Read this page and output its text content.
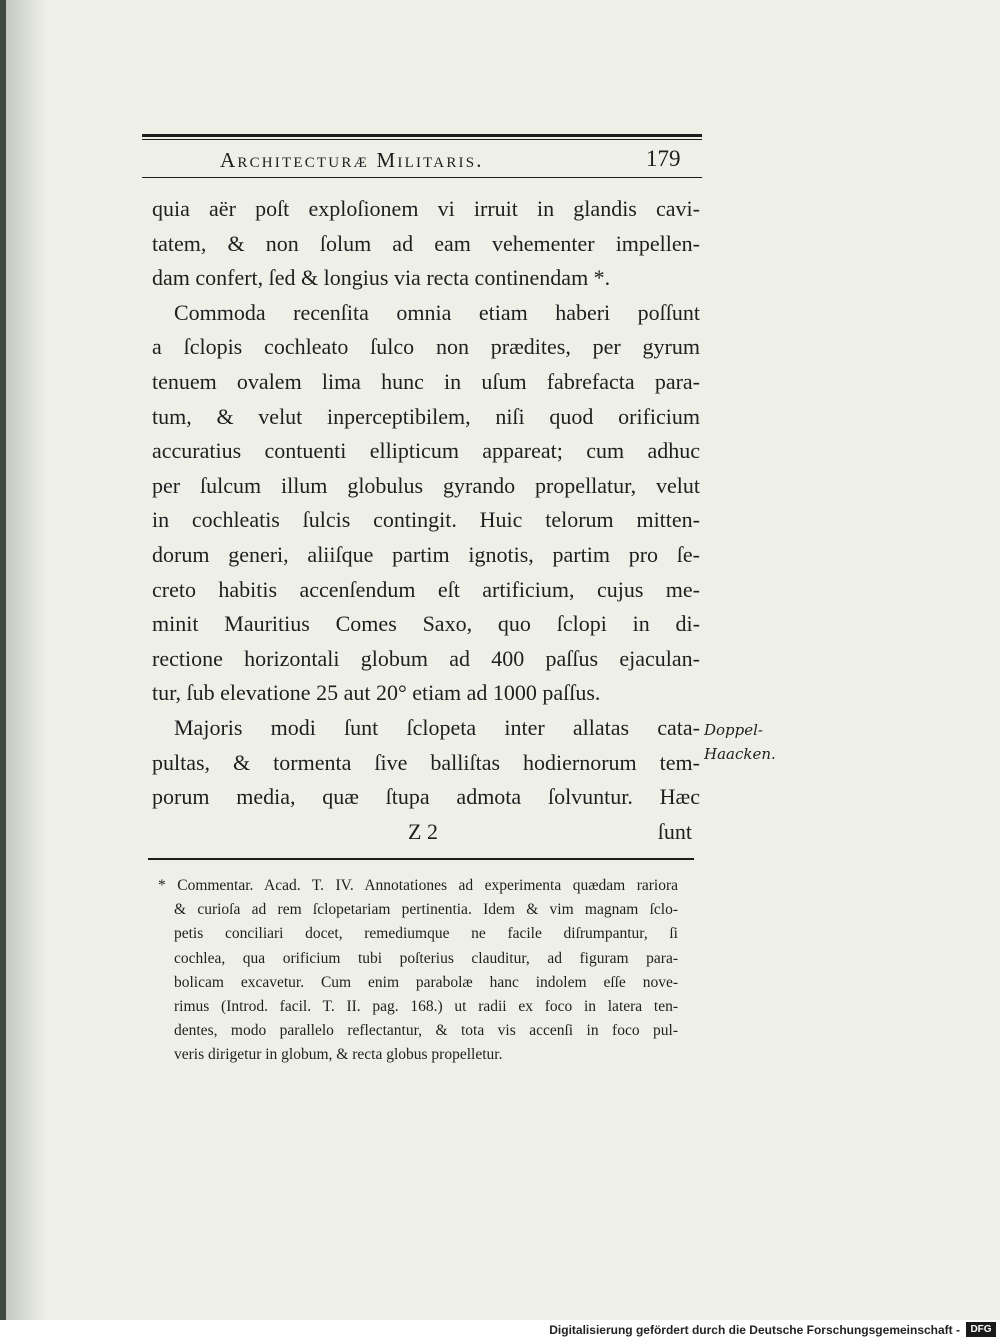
Architecturæ Militaris.	179
quia aër poſt exploſionem vi irruit in glandis cavi-
tatem, & non ſolum ad eam vehementer impellen-
dam confert, ſed & longius via recta continendam *.
Commoda recenſita omnia etiam haberi poſſunt
a ſclopis cochleato ſulco non prædites, per gyrum
tenuem ovalem lima hunc in uſum fabrefacta para-
tum, & velut inperceptibilem, niſi quod orificium
accuratius contuenti ellipticum appareat; cum adhuc
per ſulcum illum globulus gyrando propellatur, velut
in cochleatis ſulcis contingit. Huic telorum mitten-
dorum generi, aliiſque partim ignotis, partim pro ſe-
creto habitis accenſendum eſt artificium, cujus me-
minit Mauritius Comes Saxo, quo ſclopi in di-
rectione horizontali globum ad 400 paſſus ejaculan-
tur, ſub elevatione 25 aut 20° etiam ad 1000 paſſus.
Majoris modi ſunt ſclopeta inter allatas cata-
pultas, & tormenta ſive balliſtas hodiernorum tem-
porum media, quæ ſtupa admota ſolvuntur. Hæc
Z 2	ſunt
Doppel-
Haacken.
* Commentar. Acad. T. IV. Annotationes ad experimenta quædam rariora
& curioſa ad rem ſclopetariam pertinentia. Idem & vim magnam ſclo-
petis conciliari docet, remediumque ne facile diſrumpantur, ſi
cochlea, qua orificium tubi poſterius clauditur, ad figuram para-
bolicam excavetur. Cum enim parabolæ hanc indolem eſſe nove-
rimus (Introd. facil. T. II. pag. 168.) ut radii ex foco in latera ten-
dentes, modo parallelo reflectantur, & tota vis accenſi in foco pul-
veris dirigetur in globum, & recta globus propelletur.
Digitalisierung gefördert durch die Deutsche Forschungsgemeinschaft -	DFG
